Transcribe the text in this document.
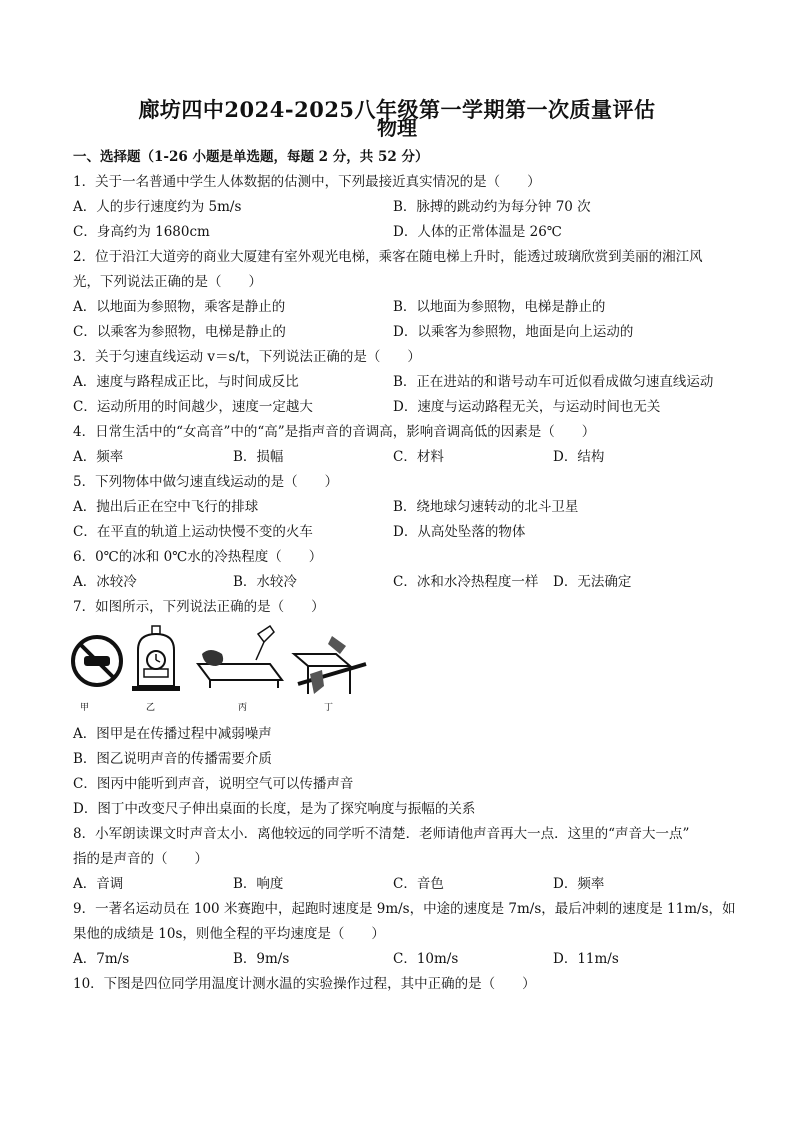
廊坊四中2024-2025八年级第一学期第一次质量评估
物理
一、选择题（1-26 小题是单选题，每题 2 分，共 52 分）
1．关于一名普通中学生人体数据的估测中，下列最接近真实情况的是（　　）
A．人的步行速度约为 5m/s	B．脉搏的跳动约为每分钟 70 次
C．身高约为 1680cm	D．人体的正常体温是 26℃
2．位于沿江大道旁的商业大厦建有室外观光电梯，乘客在随电梯上升时，能透过玻璃欣赏到美丽的湘江风
光，下列说法正确的是（　　）
A．以地面为参照物，乘客是静止的	B．以地面为参照物，电梯是静止的
C．以乘客为参照物，电梯是静止的	D．以乘客为参照物，地面是向上运动的
3．关于匀速直线运动 v＝s/t，下列说法正确的是（　　）
A．速度与路程成正比，与时间成反比	B．正在进站的和谐号动车可近似看成做匀速直线运动
C．运动所用的时间越少，速度一定越大	D．速度与运动路程无关，与运动时间也无关
4．日常生活中的“女高音”中的“高”是指声音的音调高，影响音调高低的因素是（　　）
A．频率	B．损幅	C．材料	D．结构
5．下列物体中做匀速直线运动的是（　　）
A．抛出后正在空中飞行的排球	B．绕地球匀速转动的北斗卫星
C．在平直的轨道上运动快慢不变的火车	D．从高处坠落的物体
6．0℃的冰和 0℃水的冷热程度（　　）
A．冰较冷	B．水较冷	C．冰和水冷热程度一样 D．无法确定
7．如图所示，下列说法正确的是（　　）
甲	乙	丙	丁
A．图甲是在传播过程中减弱噪声
B．图乙说明声音的传播需要介质
C．图丙中能听到声音，说明空气可以传播声音
D．图丁中改变尺子伸出桌面的长度，是为了探究响度与振幅的关系
8．小军朗读课文时声音太小．离他较远的同学听不清楚．老师请他声音再大一点．这里的“声音大一点”
指的是声音的（　　）
A．音调	B．响度	C．音色	D．频率
9．一著名运动员在 100 米赛跑中，起跑时速度是 9m/s，中途的速度是 7m/s，最后冲刺的速度是 11m/s，如
果他的成绩是 10s，则他全程的平均速度是（　　）
A．7m/s	B．9m/s	C．10m/s	D．11m/s
10．下图是四位同学用温度计测水温的实验操作过程，其中正确的是（　　）
